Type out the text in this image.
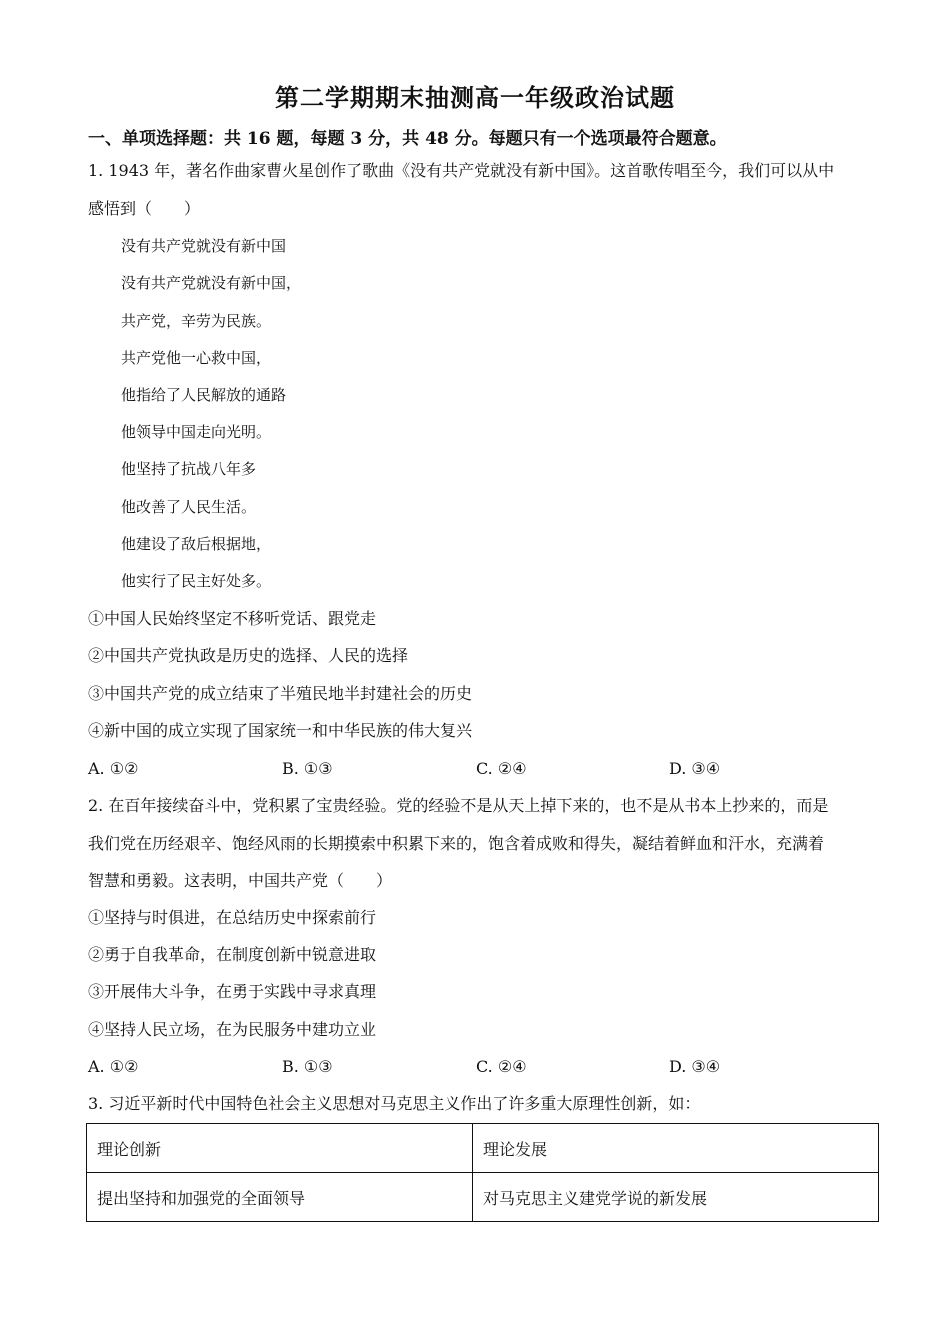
第二学期期末抽测高一年级政治试题
一、单项选择题：共 16 题，每题 3 分，共 48 分。每题只有一个选项最符合题意。
1. 1943 年，著名作曲家曹火星创作了歌曲《没有共产党就没有新中国》。这首歌传唱至今，我们可以从中
感悟到（　　）
没有共产党就没有新中国
没有共产党就没有新中国，
共产党，辛劳为民族。
共产党他一心救中国，
他指给了人民解放的通路
他领导中国走向光明。
他坚持了抗战八年多
他改善了人民生活。
他建设了敌后根据地，
他实行了民主好处多。
①中国人民始终坚定不移听党话、跟党走
②中国共产党执政是历史的选择、人民的选择
③中国共产党的成立结束了半殖民地半封建社会的历史
④新中国的成立实现了国家统一和中华民族的伟大复兴
A. ①②	B. ①③	C. ②④	D. ③④
2. 在百年接续奋斗中，党积累了宝贵经验。党的经验不是从天上掉下来的，也不是从书本上抄来的，而是
我们党在历经艰辛、饱经风雨的长期摸索中积累下来的，饱含着成败和得失，凝结着鲜血和汗水，充满着
智慧和勇毅。这表明，中国共产党（　　）
①坚持与时俱进，在总结历史中探索前行
②勇于自我革命，在制度创新中锐意进取
③开展伟大斗争，在勇于实践中寻求真理
④坚持人民立场，在为民服务中建功立业
A. ①②	B. ①③	C. ②④	D. ③④
3. 习近平新时代中国特色社会主义思想对马克思主义作出了许多重大原理性创新，如：
理论创新	理论发展
提出坚持和加强党的全面领导	对马克思主义建党学说的新发展
